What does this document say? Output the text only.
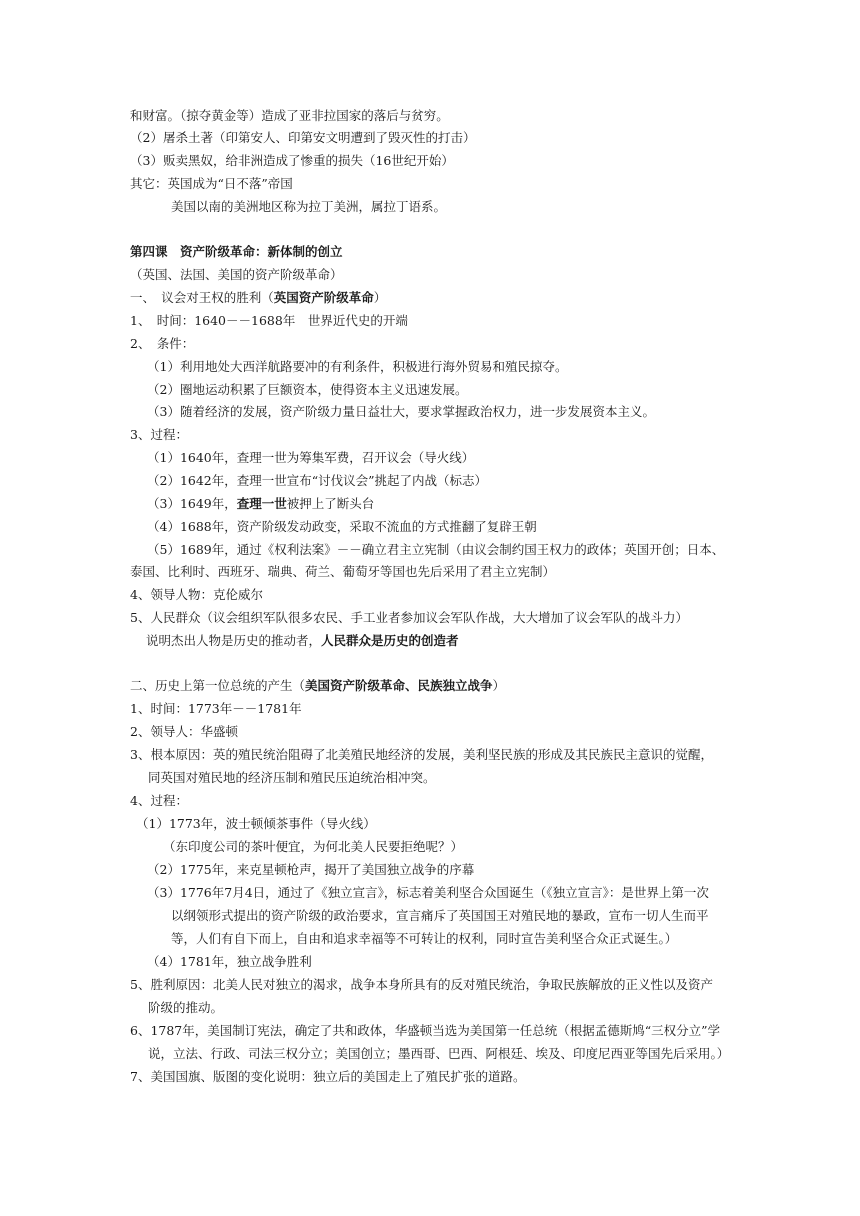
和财富。（掠夺黄金等）造成了亚非拉国家的落后与贫穷。
（2）屠杀土著（印第安人、印第安文明遭到了毁灭性的打击）
（3）贩卖黑奴，给非洲造成了惨重的损失（16世纪开始）
其它：英国成为“日不落”帝国
美国以南的美洲地区称为拉丁美洲，属拉丁语系。
第四课　资产阶级革命：新体制的创立
（英国、法国、美国的资产阶级革命）
一、　议会对王权的胜利（英国资产阶级革命）
1、　时间：1640－－1688年　世界近代史的开端
2、　条件：
（1）利用地处大西洋航路要冲的有利条件，积极进行海外贸易和殖民掠夺。
（2）圈地运动积累了巨额资本，使得资本主义迅速发展。
（3）随着经济的发展，资产阶级力量日益壮大，要求掌握政治权力，进一步发展资本主义。
3、过程：
（1）1640年，查理一世为筹集军费，召开议会（导火线）
（2）1642年，查理一世宣布“讨伐议会”挑起了内战（标志）
（3）1649年，查理一世被押上了断头台
（4）1688年，资产阶级发动政变，采取不流血的方式推翻了复辟王朝
（5）1689年，通过《权利法案》－－确立君主立宪制（由议会制约国王权力的政体；英国开创；日本、
泰国、比利时、西班牙、瑞典、荷兰、葡萄牙等国也先后采用了君主立宪制）
4、领导人物：克伦威尔
5、人民群众（议会组织军队很多农民、手工业者参加议会军队作战，大大增加了议会军队的战斗力）
说明杰出人物是历史的推动者，人民群众是历史的创造者
二、历史上第一位总统的产生（美国资产阶级革命、民族独立战争）
1、时间：1773年－－1781年
2、领导人：华盛顿
3、根本原因：英的殖民统治阻碍了北美殖民地经济的发展，美利坚民族的形成及其民族民主意识的觉醒，
同英国对殖民地的经济压制和殖民压迫统治相冲突。
4、过程：
（1）1773年，波士顿倾茶事件（导火线）
（东印度公司的茶叶便宜，为何北美人民要拒绝呢？）
（2）1775年，来克星顿枪声，揭开了美国独立战争的序幕
（3）1776年7月4日，通过了《独立宣言》，标志着美利坚合众国诞生（《独立宣言》：是世界上第一次
以纲领形式提出的资产阶级的政治要求，宣言痛斥了英国国王对殖民地的暴政，宣布一切人生而平
等，人们有自下而上，自由和追求幸福等不可转让的权利，同时宣告美利坚合众正式诞生。）
（4）1781年，独立战争胜利
5、胜利原因：北美人民对独立的渴求，战争本身所具有的反对殖民统治，争取民族解放的正义性以及资产
阶级的推动。
6、1787年，美国制订宪法，确定了共和政体，华盛顿当选为美国第一任总统（根据孟德斯鸠“三权分立”学
说，立法、行政、司法三权分立；美国创立；墨西哥、巴西、阿根廷、埃及、印度尼西亚等国先后采用。）
7、美国国旗、版图的变化说明：独立后的美国走上了殖民扩张的道路。
